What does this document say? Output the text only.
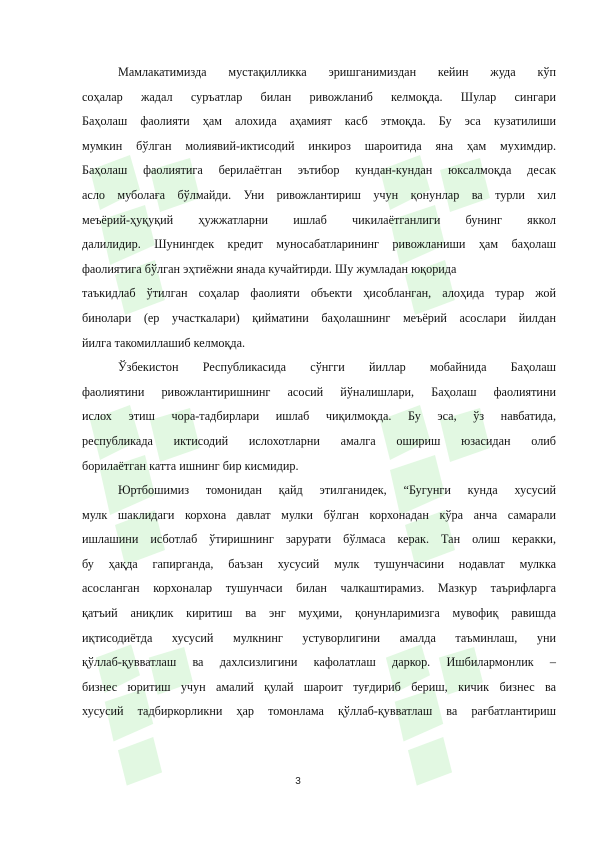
Мамлакатимизда мустақилликка эришганимиздан кейин жуда кўп
соҳалар жадал суръатлар билан ривожланиб келмоқда. Шулар сингари
Баҳолаш фаолияти ҳам алохида аҳамият касб этмоқда. Бу эса кузатилиши
мумкин бўлган молиявий-иктисодий инкироз шароитида яна ҳам мухимдир.
Баҳолаш фаолиятига берилаётган эътибор кундан-кундан юксалмоқда десак
асло муболағa бўлмайди. Уни ривожлантириш учун қонунлар ва турли хил
меъёрий-ҳуқуқий ҳужжатларни ишлаб чикилаётганлиги бунинг яккол
далилидир. Шунингдек кредит муносабатларининг ривожланиши ҳам баҳолаш
фаолиятига бўлган эҳтиёжни янада кучайтирди. Шу жумладан юқорида
таъкидлаб ўтилган соҳалар фаолияти объекти ҳисобланган, алоҳида турар жой
бинолари (ер участкалари) қийматини баҳолашнинг меъёрий асослари йилдан
йилга такомиллашиб келмоқда.

Ўзбекистон Республикасида сўнгги йиллар мобайнида Баҳолаш
фаолиятини ривожлантиришнинг асосий йўналишлари, Баҳолаш фаолиятини
ислох этиш чора-тадбирлари ишлаб чиқилмоқда. Бу эса, ўз навбатида,
республикада иктисодий ислохотларни амалга ошириш юзасидан олиб
борилаётган катта ишнинг бир кисмидир.

Юртбошимиз томонидан қайд этилганидек, “Бугунги кунда хусусий
мулк шаклидаги корхона давлат мулки бўлган корхонадан кўра анча самарали
ишлашини исботлаб ўтиришнинг зарурати бўлмаса керак. Тан олиш керакки,
бу ҳақда гапирганда, баъзан хусусий мулк тушунчасини нодавлат мулкка
асосланган корхоналар тушунчаси билан чалкаштирамиз. Мазкур таърифларга
қатъий аниқлик киритиш ва энг муҳими, қонунларимизга мувофиқ равишда
иқтисодиётда хусусий мулкнинг устуворлигини амалда таъминлаш, уни
қўллаб-қувватлаш ва дахлсизлигини кафолатлаш даркор. Ишбилармонлик –
бизнес юритиш учун амалий қулай шароит туғдириб бериш, кичик бизнес ва
хусусий тадбиркорликни ҳар томонлама қўллаб-қувватлаш ва рағбатлантириш

3
